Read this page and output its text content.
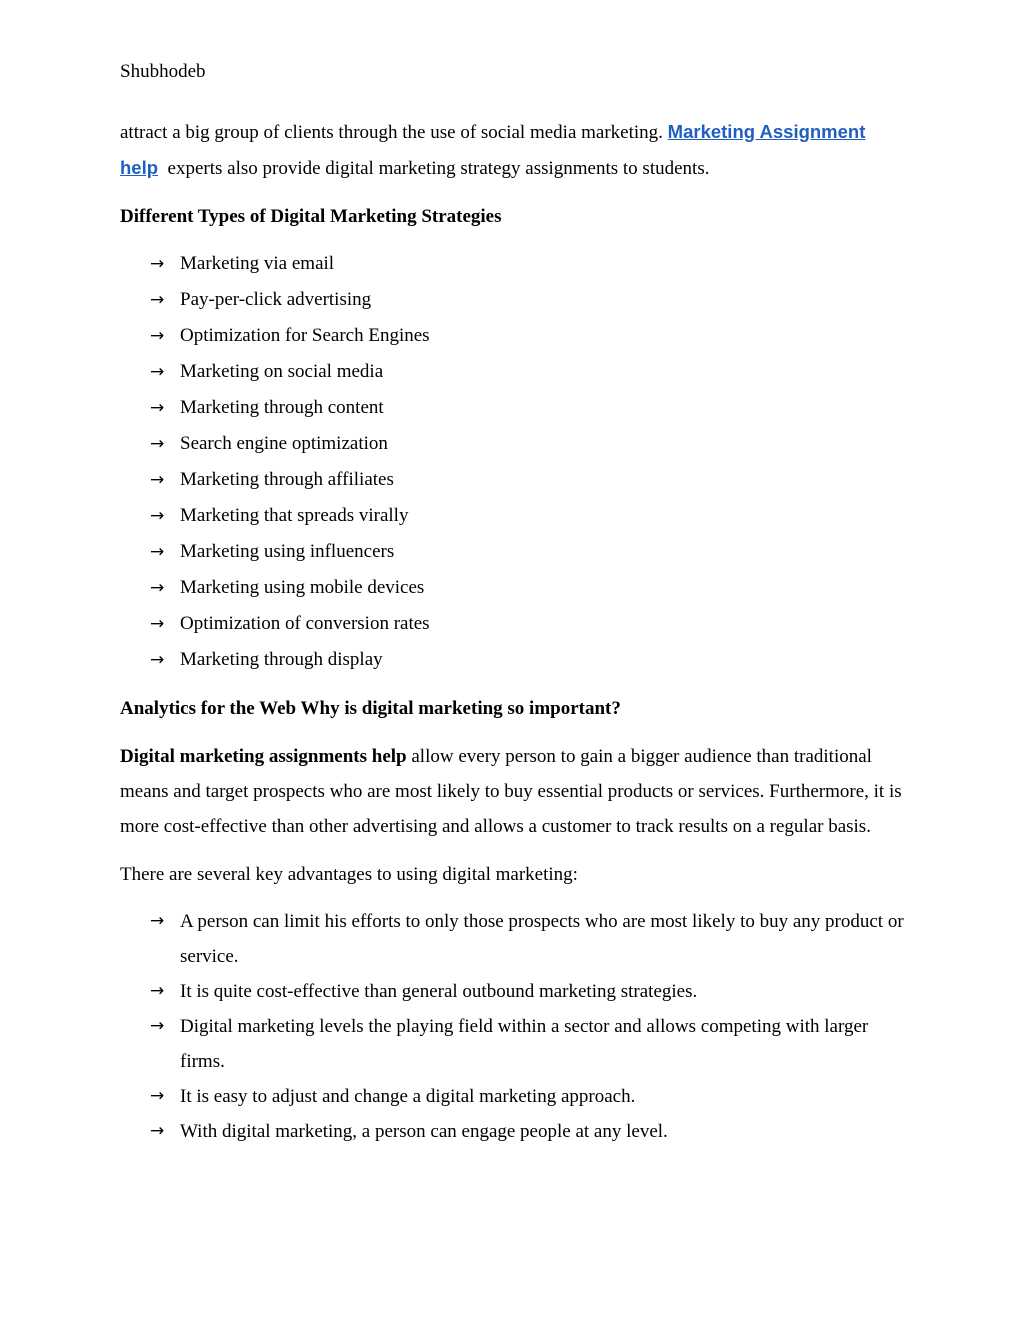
Shubhodeb

attract a big group of clients through the use of social media marketing. Marketing Assignment
help  experts also provide digital marketing strategy assignments to students.

Different Types of Digital Marketing Strategies

→ Marketing via email
→ Pay-per-click advertising
→ Optimization for Search Engines
→ Marketing on social media
→ Marketing through content
→ Search engine optimization
→ Marketing through affiliates
→ Marketing that spreads virally
→ Marketing using influencers
→ Marketing using mobile devices
→ Optimization of conversion rates
→ Marketing through display

Analytics for the Web Why is digital marketing so important?

Digital marketing assignments help allow every person to gain a bigger audience than traditional means and target prospects who are most likely to buy essential products or services. Furthermore, it is more cost-effective than other advertising and allows a customer to track results on a regular basis.

There are several key advantages to using digital marketing:

→ A person can limit his efforts to only those prospects who are most likely to buy any product or service.
→ It is quite cost-effective than general outbound marketing strategies.
→ Digital marketing levels the playing field within a sector and allows competing with larger firms.
→ It is easy to adjust and change a digital marketing approach.
→ With digital marketing, a person can engage people at any level.
